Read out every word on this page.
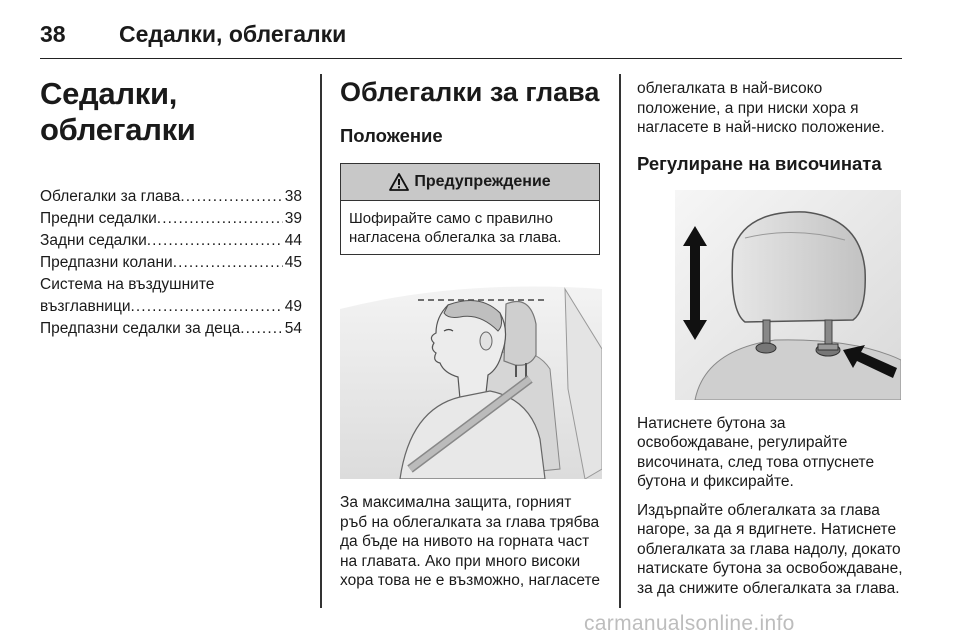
38 Седалки, облегалки
Седалки, облегалки
Облегалки за глава . . .	38
Предни седалки . . .	39
Задни седалки . . .	44
Предпазни колани . . .	45
Система на въздушните
възглавници . . .	49
Предпазни седалки за деца . . .	54
Облегалки за глава
Положение
Предупреждение
Шофирайте само с правилно нагласена облегалка за глава.

За максимална защита, горният ръб на облегалката за глава трябва да бъде на нивото на горната част на главата. Ако при много високи хора това не е възможно, нагласете

облегалката в най-високо положение, а при ниски хора я нагласете в най-ниско положение.

Регулиране на височината

Натиснете бутона за освобождаване, регулирайте височината, след това отпуснете бутона и фиксирайте.

Издърпайте облегалката за глава нагоре, за да я вдигнете. Натиснете облегалката за глава надолу, докато натискате бутона за освобождаване, за да снижите облегалката за глава.

carmanualsonline.info
